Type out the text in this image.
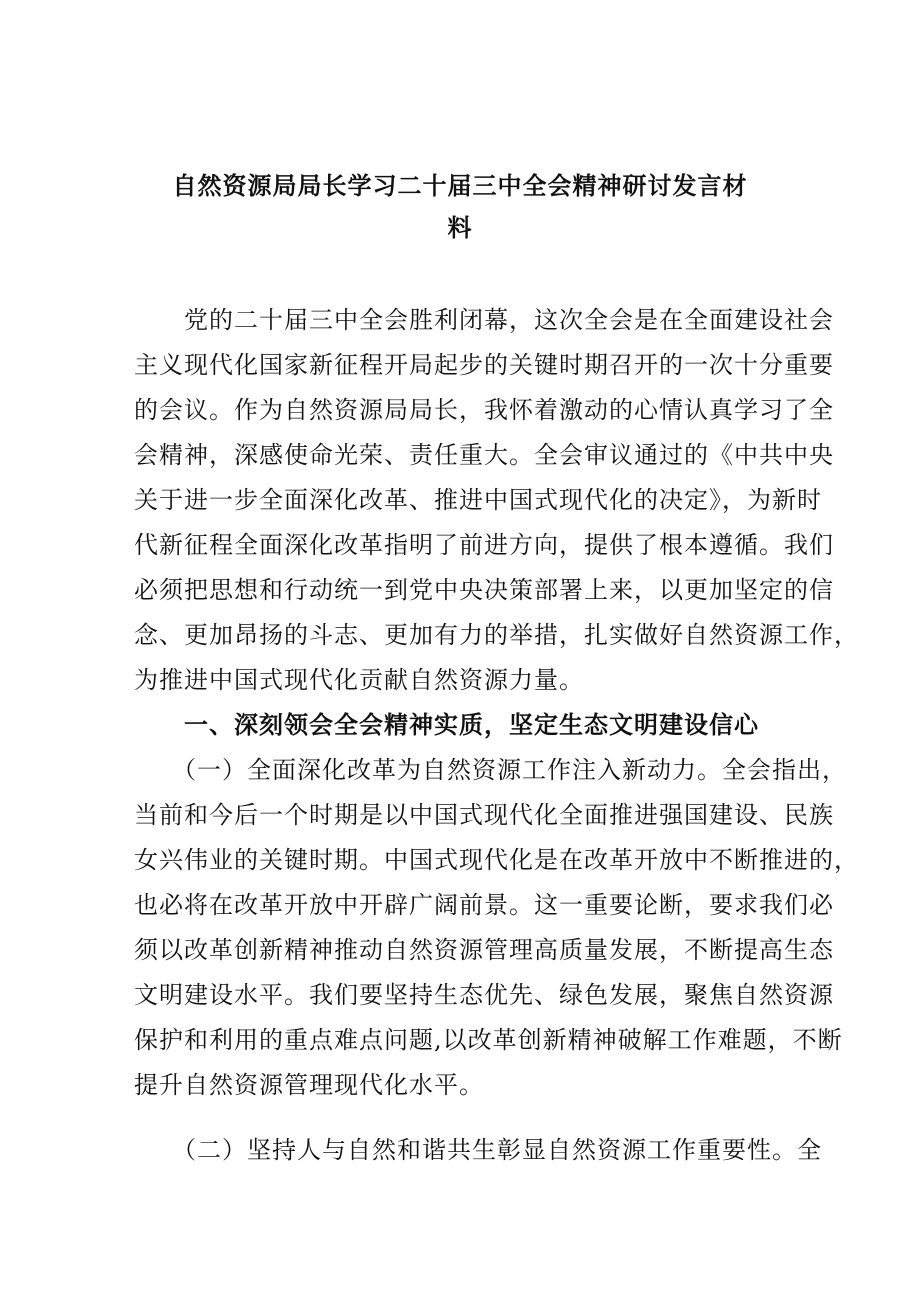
自然资源局局长学习二十届三中全会精神研讨发言材
料
　　党的二十届三中全会胜利闭幕，这次全会是在全面建设社会
主义现代化国家新征程开局起步的关键时期召开的一次十分重要
的会议。作为自然资源局局长，我怀着激动的心情认真学习了全
会精神，深感使命光荣、责任重大。全会审议通过的《中共中央
关于进一步全面深化改革、推进中国式现代化的决定》，为新时
代新征程全面深化改革指明了前进方向，提供了根本遵循。我们
必须把思想和行动统一到党中央决策部署上来，以更加坚定的信
念、更加昂扬的斗志、更加有力的举措，扎实做好自然资源工作，
为推进中国式现代化贡献自然资源力量。
　　一、深刻领会全会精神实质，坚定生态文明建设信心
　　（一）全面深化改革为自然资源工作注入新动力。全会指出，
当前和今后一个时期是以中国式现代化全面推进强国建设、民族
女兴伟业的关键时期。中国式现代化是在改革开放中不断推进的，
也必将在改革开放中开辟广阔前景。这一重要论断，要求我们必
须以改革创新精神推动自然资源管理高质量发展，不断提高生态
文明建设水平。我们要坚持生态优先、绿色发展，聚焦自然资源
保护和利用的重点难点问题,以改革创新精神破解工作难题，不断
提升自然资源管理现代化水平。
　　（二）坚持人与自然和谐共生彰显自然资源工作重要性。全
